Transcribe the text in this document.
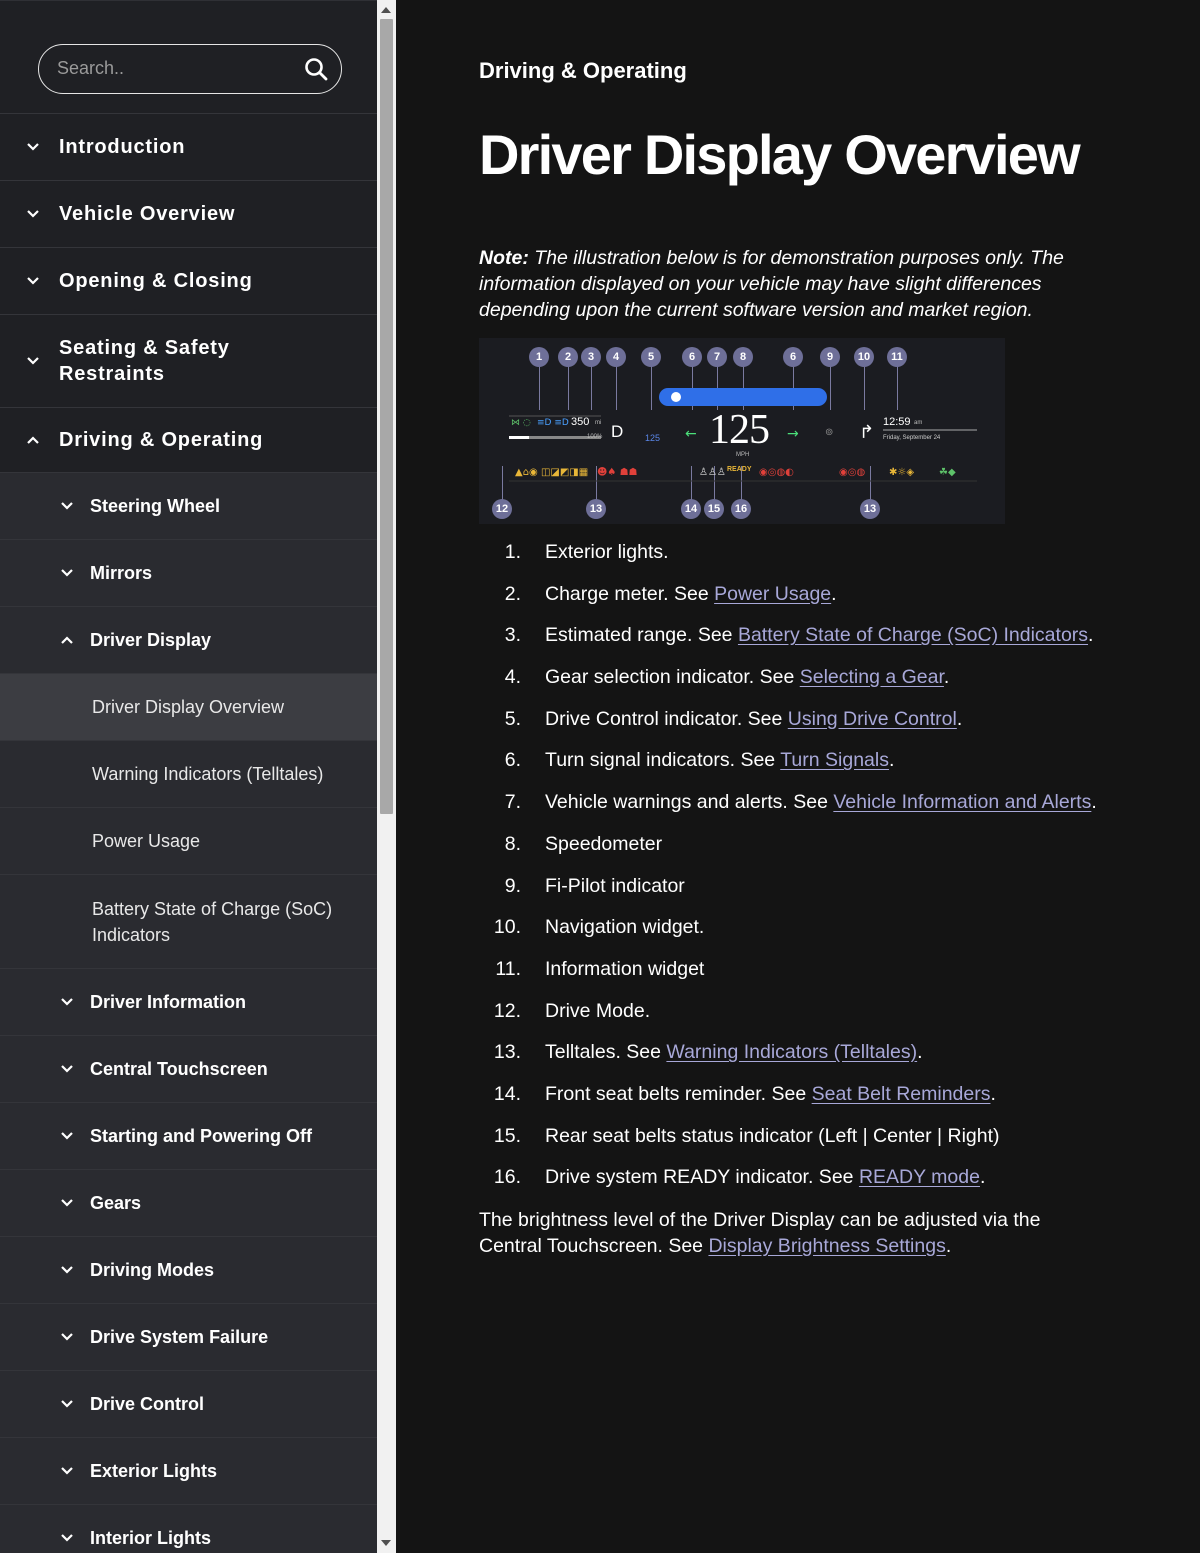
Search..
Introduction
Vehicle Overview
Opening & Closing
Seating & Safety Restraints
Driving & Operating
Steering Wheel
Mirrors
Driver Display
Driver Display Overview
Warning Indicators (Telltales)
Power Usage
Battery State of Charge (SoC) Indicators
Driver Information
Central Touchscreen
Starting and Powering Off
Gears
Driving Modes
Drive System Failure
Drive Control
Exterior Lights
Interior Lights
Driving & Operating
Driver Display Overview

Note: The illustration below is for demonstration purposes only. The information displayed on your vehicle may have slight differences depending upon the current software version and market region.

1	2	3	4	5	6	7	8	6	9	10	11
12	13	14 15	16	13
⋈ ◌ ≡D ≡D
←	→	↱
⊚
▲⌂◉ ◫◪◩◨▦ ☻♠ ☗☗	♙♙♙	◉◎◍◐	◉◎◍ ✱☼◈ ☘◆
350 mi
100% D 125 125
MPH
12:59 am
Friday, September 24
READY
1. Exterior lights.
2. Charge meter. See Power Usage.
3. Estimated range. See Battery State of Charge (SoC) Indicators.
4. Gear selection indicator. See Selecting a Gear.
5. Drive Control indicator. See Using Drive Control.
6. Turn signal indicators. See Turn Signals.
7. Vehicle warnings and alerts. See Vehicle Information and Alerts.
8. Speedometer
9. Fi-Pilot indicator
10. Navigation widget.
11. Information widget
12. Drive Mode.
13. Telltales. See Warning Indicators (Telltales).
14. Front seat belts reminder. See Seat Belt Reminders.
15. Rear seat belts status indicator (Left | Center | Right)
16. Drive system READY indicator. See READY mode.

The brightness level of the Driver Display can be adjusted via the Central Touchscreen. See Display Brightness Settings.
